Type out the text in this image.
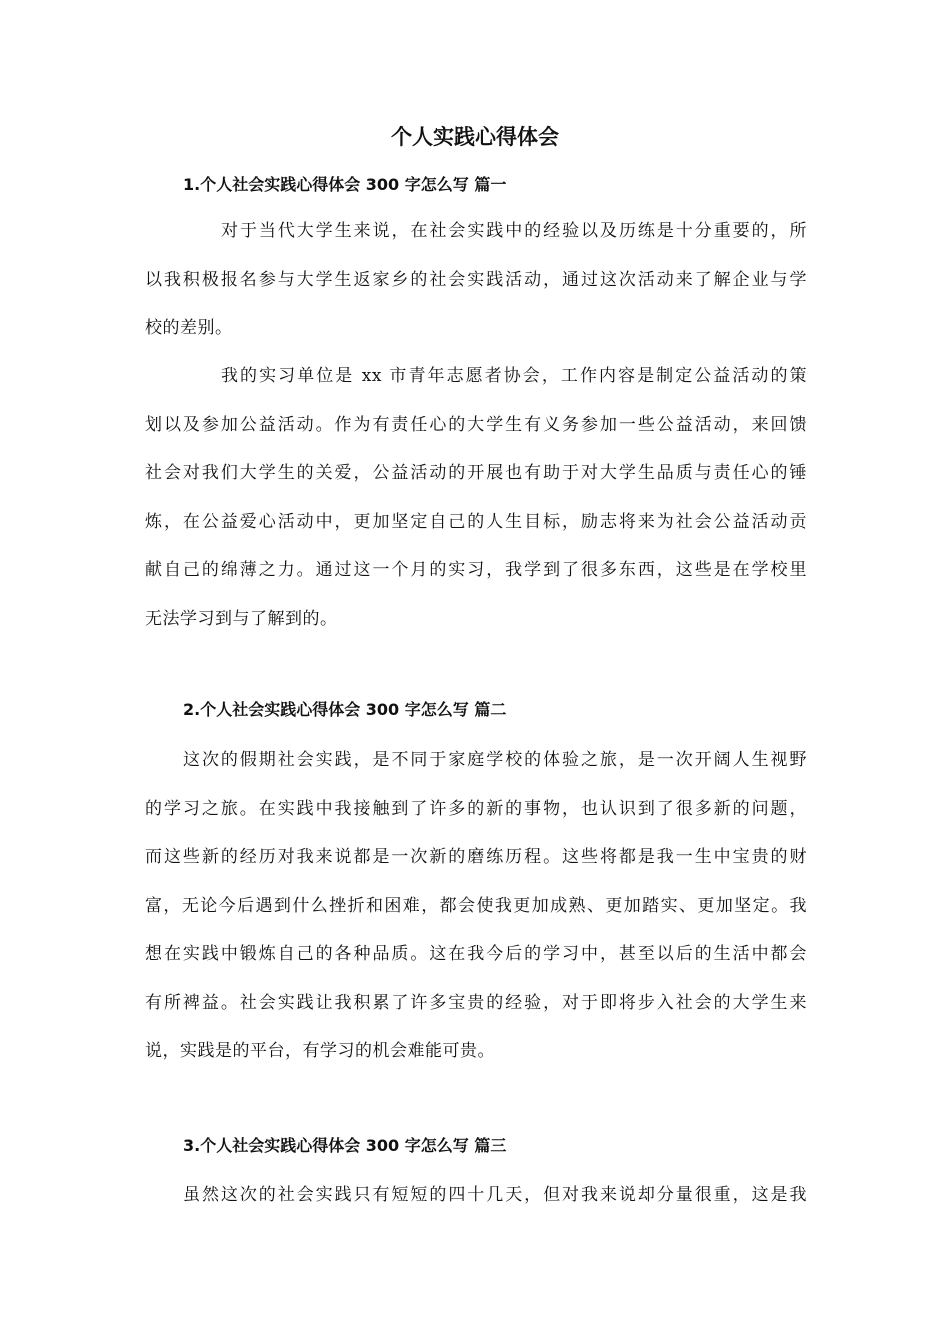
个人实践心得体会
1.个人社会实践心得体会 300 字怎么写 篇一

对于当代大学生来说，在社会实践中的经验以及历练是十分重要的，所
以我积极报名参与大学生返家乡的社会实践活动，通过这次活动来了解企业与学
校的差别。

我的实习单位是 xx 市青年志愿者协会，工作内容是制定公益活动的策
划以及参加公益活动。作为有责任心的大学生有义务参加一些公益活动，来回馈
社会对我们大学生的关爱，公益活动的开展也有助于对大学生品质与责任心的锤
炼，在公益爱心活动中，更加坚定自己的人生目标，励志将来为社会公益活动贡
献自己的绵薄之力。通过这一个月的实习，我学到了很多东西，这些是在学校里
无法学习到与了解到的。

2.个人社会实践心得体会 300 字怎么写 篇二

这次的假期社会实践，是不同于家庭学校的体验之旅，是一次开阔人生视野
的学习之旅。在实践中我接触到了许多的新的事物，也认识到了很多新的问题，
而这些新的经历对我来说都是一次新的磨练历程。这些将都是我一生中宝贵的财
富，无论今后遇到什么挫折和困难，都会使我更加成熟、更加踏实、更加坚定。我
想在实践中锻炼自己的各种品质。这在我今后的学习中，甚至以后的生活中都会
有所裨益。社会实践让我积累了许多宝贵的经验，对于即将步入社会的大学生来
说，实践是的平台，有学习的机会难能可贵。

3.个人社会实践心得体会 300 字怎么写 篇三

虽然这次的社会实践只有短短的四十几天，但对我来说却分量很重，这是我
